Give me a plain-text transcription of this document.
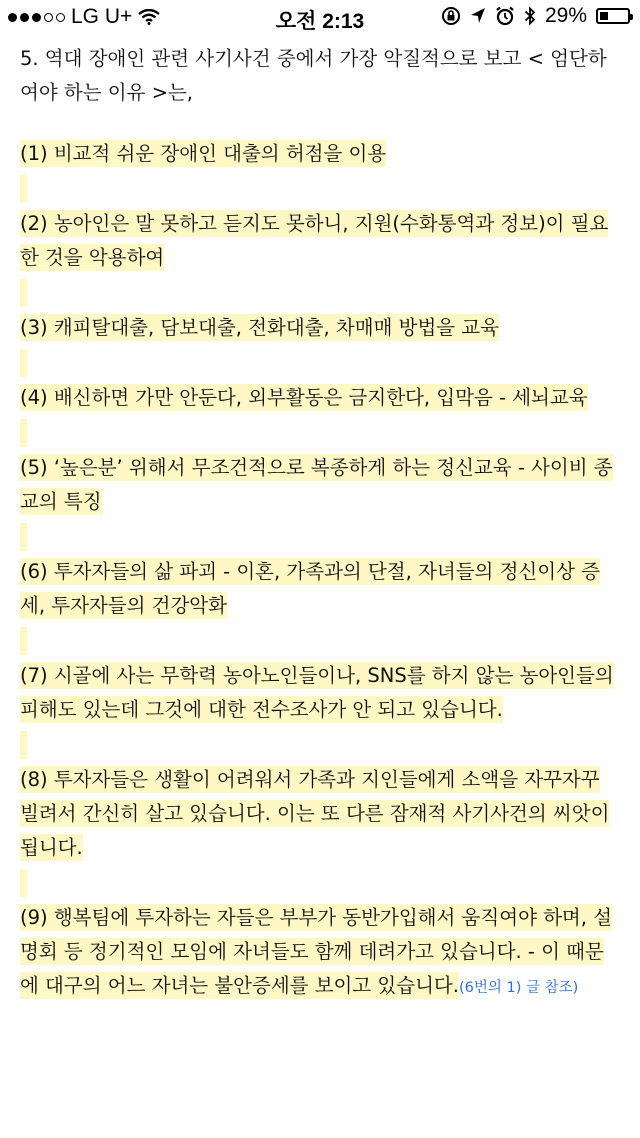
LG U+	오전 2:13	29%

5. 역대 장애인 관련 사기사건 중에서 가장 악질적으로 보고 < 엄단하여야 하는 이유 >는,

(1) 비교적 쉬운 장애인 대출의 허점을 이용

(2) 농아인은 말 못하고 듣지도 못하니, 지원(수화통역과 정보)이 필요한 것을 악용하여

(3) 캐피탈대출, 담보대출, 전화대출, 차매매 방법을 교육

(4) 배신하면 가만 안둔다, 외부활동은 금지한다, 입막음 - 세뇌교육

(5) ‘높은분’ 위해서 무조건적으로 복종하게 하는 정신교육 - 사이비 종교의 특징

(6) 투자자들의 삶 파괴 - 이혼, 가족과의 단절, 자녀들의 정신이상 증세, 투자자들의 건강악화

(7) 시골에 사는 무학력 농아노인들이나, SNS를 하지 않는 농아인들의 피해도 있는데 그것에 대한 전수조사가 안 되고 있습니다.

(8) 투자자들은 생활이 어려워서 가족과 지인들에게 소액을 자꾸자꾸 빌려서 간신히 살고 있습니다. 이는 또 다른 잠재적 사기사건의 씨앗이 됩니다.

(9) 행복팀에 투자하는 자들은 부부가 동반가입해서 움직여야 하며, 설명회 등 정기적인 모임에 자녀들도 함께 데려가고 있습니다. - 이 때문에 대구의 어느 자녀는 불안증세를 보이고 있습니다.(6번의 1) 글 참조)
